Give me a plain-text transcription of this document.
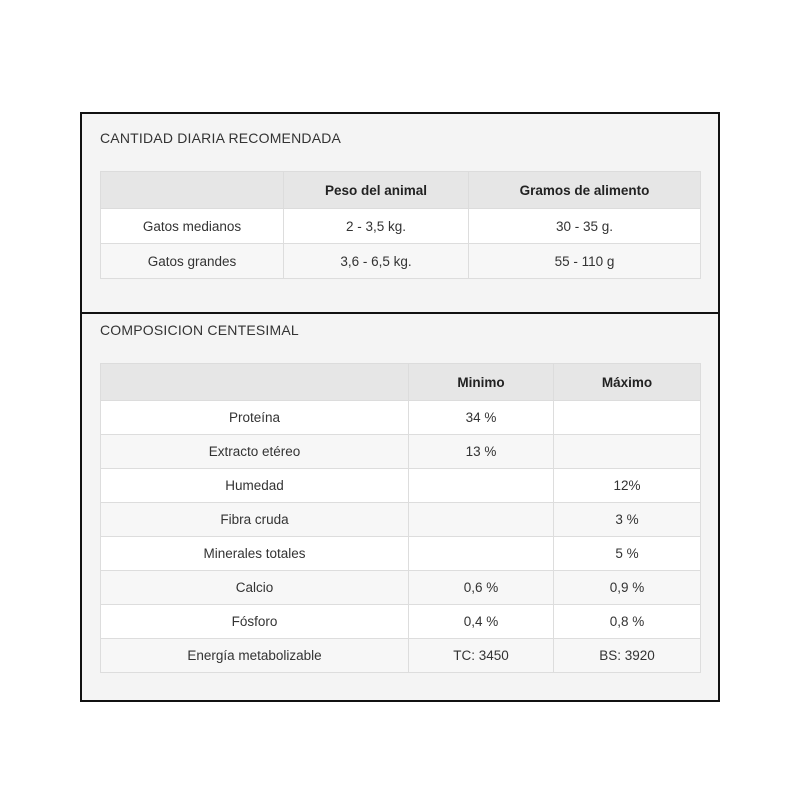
CANTIDAD DIARIA RECOMENDADA
	Peso del animal	Gramos de alimento
Gatos medianos	2 - 3,5 kg.	30 - 35 g.
Gatos grandes	3,6 - 6,5 kg.	55 - 110 g
COMPOSICION CENTESIMAL
	Minimo	Máximo
Proteína	34 %	
Extracto etéreo	13 %	
Humedad		12%
Fibra cruda		3 %
Minerales totales		5 %
Calcio	0,6 %	0,9 %
Fósforo	0,4 %	0,8 %
Energía metabolizable	TC: 3450	BS: 3920
